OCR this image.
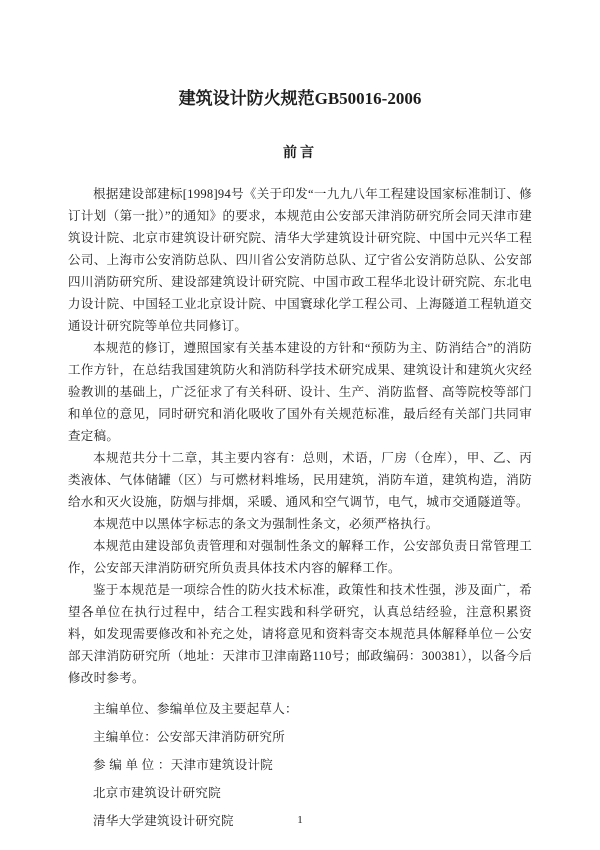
建筑设计防火规范GB50016-2006
前言

根据建设部建标[1998]94号《关于印发“一九九八年工程建设国家标准制订、修订计划（第一批）”的通知》的要求，本规范由公安部天津消防研究所会同天津市建筑设计院、北京市建筑设计研究院、清华大学建筑设计研究院、中国中元兴华工程公司、上海市公安消防总队、四川省公安消防总队、辽宁省公安消防总队、公安部四川消防研究所、建设部建筑设计研究院、中国市政工程华北设计研究院、东北电力设计院、中国轻工业北京设计院、中国寰球化学工程公司、上海隧道工程轨道交通设计研究院等单位共同修订。

本规范的修订，遵照国家有关基本建设的方针和“预防为主、防消结合”的消防工作方针，在总结我国建筑防火和消防科学技术研究成果、建筑设计和建筑火灾经验教训的基础上，广泛征求了有关科研、设计、生产、消防监督、高等院校等部门和单位的意见，同时研究和消化吸收了国外有关规范标准，最后经有关部门共同审查定稿。

本规范共分十二章，其主要内容有：总则，术语，厂房（仓库），甲、乙、丙类液体、气体储罐（区）与可燃材料堆场，民用建筑，消防车道，建筑构造，消防给水和灭火设施，防烟与排烟，采暖、通风和空气调节，电气，城市交通隧道等。

本规范中以黑体字标志的条文为强制性条文，必须严格执行。

本规范由建设部负责管理和对强制性条文的解释工作，公安部负责日常管理工作，公安部天津消防研究所负责具体技术内容的解释工作。

鉴于本规范是一项综合性的防火技术标准，政策性和技术性强，涉及面广，希望各单位在执行过程中，结合工程实践和科学研究，认真总结经验，注意积累资料，如发现需要修改和补充之处，请将意见和资料寄交本规范具体解释单位－公安部天津消防研究所（地址：天津市卫津南路110号；邮政编码：300381），以备今后修改时参考。

主编单位、参编单位及主要起草人：

主编单位：公安部天津消防研究所

参 编 单 位 ：天津市建筑设计院

北京市建筑设计研究院

清华大学建筑设计研究院	1
